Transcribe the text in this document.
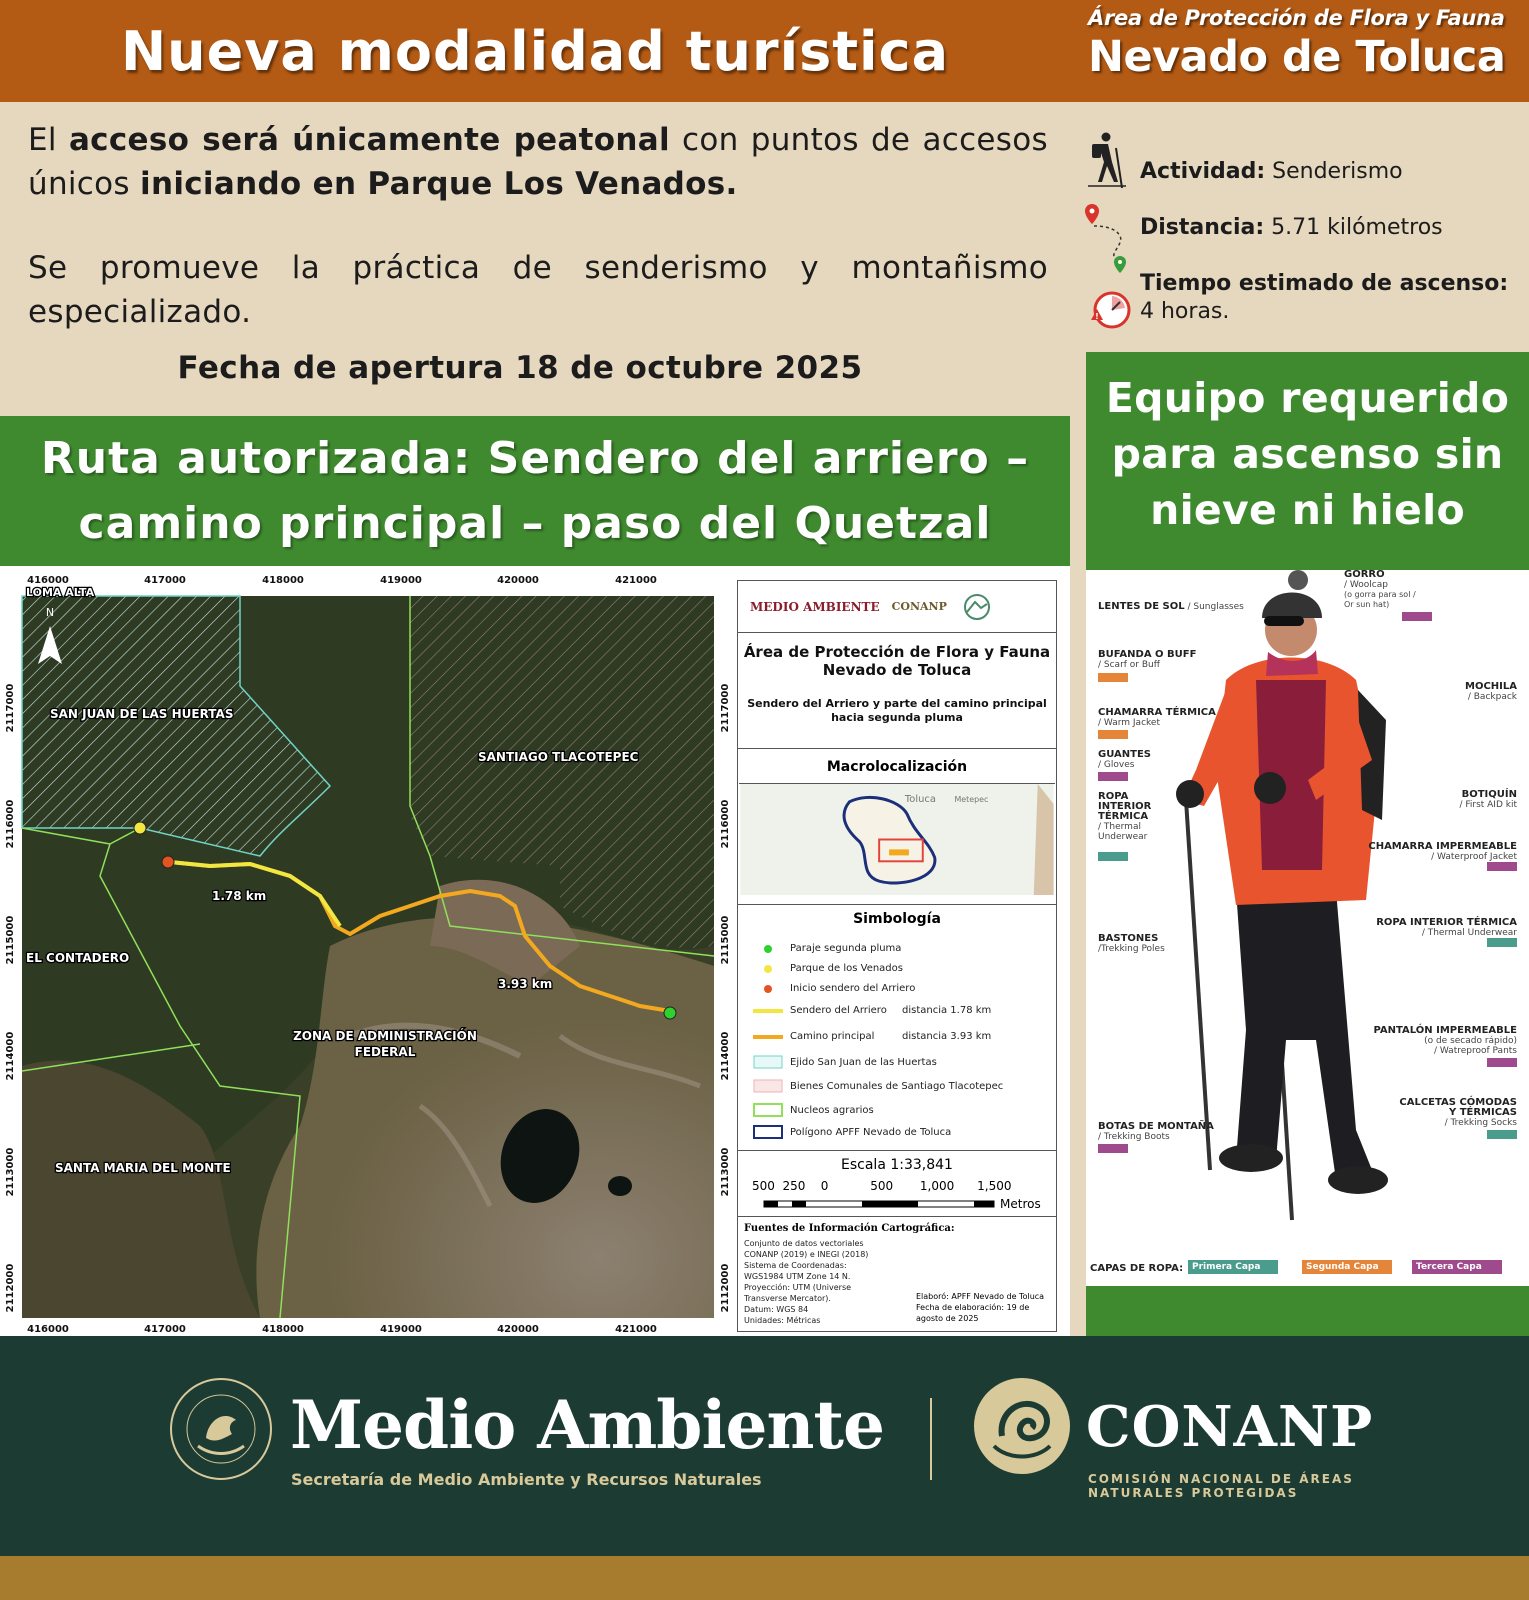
Nueva modalidad turística
Área de Protección de Flora y Fauna
Nevado de Toluca

El acceso será únicamente peatonal con puntos de accesos únicos iniciando en Parque Los Venados.

Se promueve la práctica de senderismo y montañismo especializado.

Fecha de apertura 18 de octubre 2025
Actividad: Senderismo
Distancia: 5.71 kilómetros
!
Tiempo estimado de ascenso:
4 horas.
Equipo requerido para ascenso sin nieve ni hielo
Ruta autorizada: Sendero del arriero – camino principal – paso del Quetzal
416000	417000	418000	419000	420000	421000
416000	417000	418000	419000	420000	421000
2117000
2116000
2115000
2114000
2113000
2112000
2117000
2116000
2115000
2114000
2113000
2112000
LOMA ALTA
SAN JUAN DE LAS HUERTAS
SANTIAGO TLACOTEPEC
EL CONTADERO
ZONA DE ADMINISTRACIÓN
FEDERAL
SANTA MARIA DEL MONTE
1.78 km
3.93 km
N	MEDIO AMBIENTE CONANP
Área de Protección de Flora y Fauna
Nevado de Toluca
Sendero del Arriero y parte del camino principal
hacia segunda pluma
Macrolocalización
Toluca Metepec
Simbología
Paraje segunda pluma
Parque de los Venados
Inicio sendero del Arriero
Sendero del Arriero distancia 1.78 km
Camino principal	distancia 3.93 km
Ejido San Juan de las Huertas
Bienes Comunales de Santiago Tlacotepec
Nucleos agrarios
Polígono APFF Nevado de Toluca
Escala 1:33,841
500  250    0           500       1,000      1,500
Metros
Fuentes de Información Cartográfica:
Conjunto de datos vectoriales
CONANP (2019) e INEGI (2018)
Sistema de Coordenadas:
WGS1984 UTM Zone 14 N.
Proyección: UTM (Universe
Transverse Mercator).
Datum: WGS 84
Unidades: Métricas
Elaboró: APFF Nevado de Toluca
Fecha de elaboración: 19 de
agosto de 2025
LENTES DE SOL / Sunglasses
BUFANDA O BUFF
/ Scarf or Buff
CHAMARRA TÉRMICA
/ Warm Jacket
GUANTES
/ Gloves
ROPA
INTERIOR
TÉRMICA
/ Thermal
Underwear
BASTONES
/Trekking Poles
BOTAS DE MONTAÑA
/ Trekking Boots
GORRO
/ Woolcap
(o gorra para sol /
Or sun hat)
MOCHILA
/ Backpack
BOTIQUÍN
/ First AID kit
CHAMARRA IMPERMEABLE
/ Waterproof Jacket
ROPA INTERIOR TÉRMICA
/ Thermal Underwear
PANTALÓN IMPERMEABLE
(o de secado rápido)
/ Watreproof Pants
CALCETAS CÓMODAS
Y TÉRMICAS
/ Trekking Socks
CAPAS DE ROPA: Primera Capa	Segunda Capa	Tercera Capa
Medio Ambiente
Secretaría de Medio Ambiente y Recursos Naturales
CONANP
COMISIÓN NACIONAL DE ÁREAS
NATURALES PROTEGIDAS
